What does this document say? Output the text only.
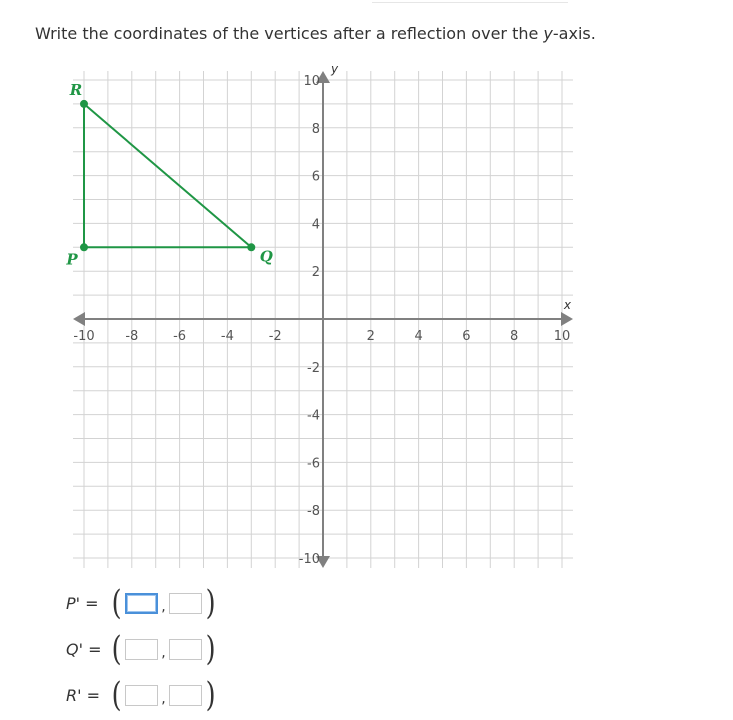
Write the coordinates of the vertices after a reflection over the y-axis.
x
y
-10 -8	-6	-4	-2	2	4	6	8	10
10
8
6
4
2
-2
-4
-6
-8
-10
P	Q
R
P' = (	, )
Q' = (	, )
R' = (	, )
